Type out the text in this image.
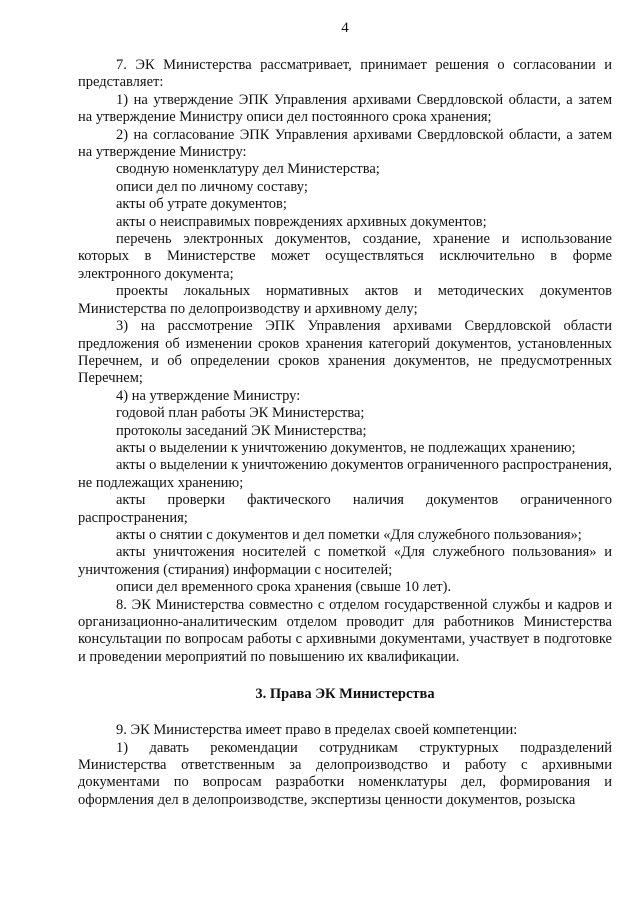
4

7. ЭК Министерства рассматривает, принимает решения о согласовании и представляет:

1) на утверждение ЭПК Управления архивами Свердловской области, а затем на утверждение Министру описи дел постоянного срока хранения;

2) на согласование ЭПК Управления архивами Свердловской области, а затем на утверждение Министру:

сводную номенклатуру дел Министерства;

описи дел по личному составу;

акты об утрате документов;

акты о неисправимых повреждениях архивных документов;

перечень электронных документов, создание, хранение и использование которых в Министерстве может осуществляться исключительно в форме электронного документа;

проекты локальных нормативных актов и методических документов Министерства по делопроизводству и архивному делу;

3) на рассмотрение ЭПК Управления архивами Свердловской области предложения об изменении сроков хранения категорий документов, установленных Перечнем, и об определении сроков хранения документов, не предусмотренных Перечнем;

4) на утверждение Министру:

годовой план работы ЭК Министерства;

протоколы заседаний ЭК Министерства;

акты о выделении к уничтожению документов, не подлежащих хранению;

акты о выделении к уничтожению документов ограниченного распространения, не подлежащих хранению;

акты проверки фактического наличия документов ограниченного распространения;

акты о снятии с документов и дел пометки «Для служебного пользования»;

акты уничтожения носителей с пометкой «Для служебного пользования» и уничтожения (стирания) информации с носителей;

описи дел временного срока хранения (свыше 10 лет).

8. ЭК Министерства совместно с отделом государственной службы и кадров и организационно-аналитическим отделом проводит для работников Министерства консультации по вопросам работы с архивными документами, участвует в подготовке и проведении мероприятий по повышению их квалификации.

3. Права ЭК Министерства

9. ЭК Министерства имеет право в пределах своей компетенции:

1) давать рекомендации сотрудникам структурных подразделений Министерства ответственным за делопроизводство и работу с архивными документами по вопросам разработки номенклатуры дел, формирования и оформления дел в делопроизводстве, экспертизы ценности документов, розыска
